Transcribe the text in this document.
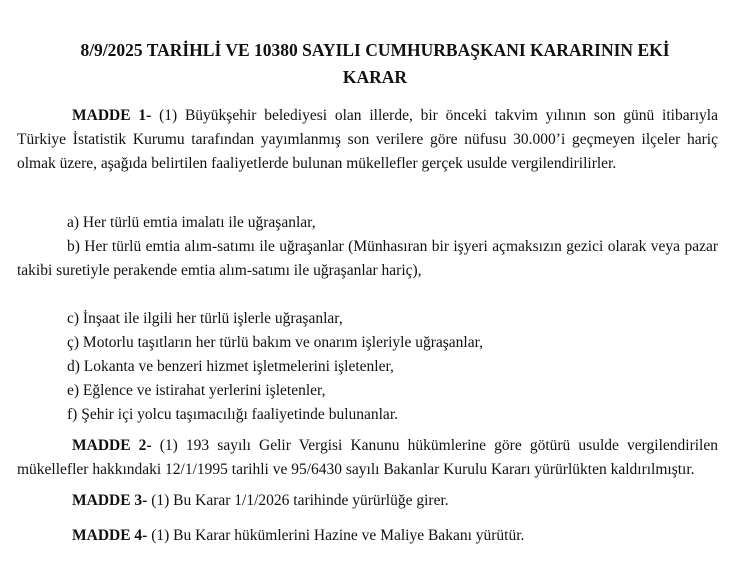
8/9/2025 TARİHLİ VE 10380 SAYILI CUMHURBAŞKANI KARARININ EKİ
KARAR

MADDE 1- (1) Büyükşehir belediyesi olan illerde, bir önceki takvim yılının son günü itibarıyla Türkiye İstatistik Kurumu tarafından yayımlanmış son verilere göre nüfusu 30.000’i geçmeyen ilçeler hariç olmak üzere, aşağıda belirtilen faaliyetlerde bulunan mükellefler gerçek usulde vergilendirilirler.

a) Her türlü emtia imalatı ile uğraşanlar,

b) Her türlü emtia alım-satımı ile uğraşanlar (Münhasıran bir işyeri açmaksızın gezici olarak veya pazar takibi suretiyle perakende emtia alım-satımı ile uğraşanlar hariç),

c) İnşaat ile ilgili her türlü işlerle uğraşanlar,

ç) Motorlu taşıtların her türlü bakım ve onarım işleriyle uğraşanlar,

d) Lokanta ve benzeri hizmet işletmelerini işletenler,

e) Eğlence ve istirahat yerlerini işletenler,

f) Şehir içi yolcu taşımacılığı faaliyetinde bulunanlar.

MADDE 2- (1) 193 sayılı Gelir Vergisi Kanunu hükümlerine göre götürü usulde vergilendirilen mükellefler hakkındaki 12/1/1995 tarihli ve 95/6430 sayılı Bakanlar Kurulu Kararı yürürlükten kaldırılmıştır.

MADDE 3- (1) Bu Karar 1/1/2026 tarihinde yürürlüğe girer.

MADDE 4- (1) Bu Karar hükümlerini Hazine ve Maliye Bakanı yürütür.
